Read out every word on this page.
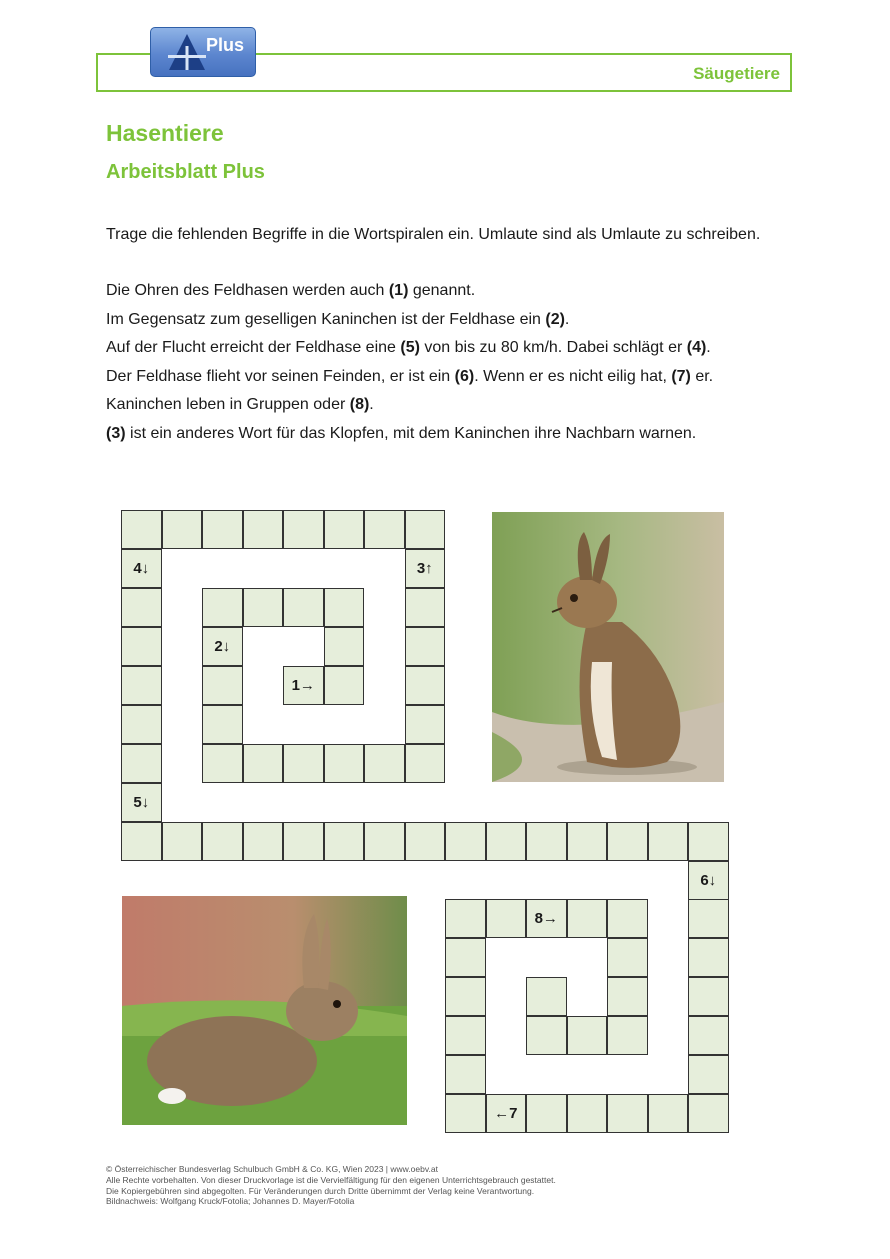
Säugetiere
Plus
Hasentiere
Arbeitsblatt Plus

Trage die fehlenden Begriffe in die Wortspiralen ein. Umlaute sind als Umlaute zu schreiben.

Die Ohren des Feldhasen werden auch (1) genannt.
Im Gegensatz zum geselligen Kaninchen ist der Feldhase ein (2).
Auf der Flucht erreicht der Feldhase eine (5) von bis zu 80 km/h. Dabei schlägt er (4).
Der Feldhase flieht vor seinen Feinden, er ist ein (6). Wenn er es nicht eilig hat, (7) er.
Kaninchen leben in Gruppen oder (8).
(3) ist ein anderes Wort für das Klopfen, mit dem Kaninchen ihre Nachbarn warnen.
4↓
5↓
3↑
2↓
1→
6↓
←7
8→

© Österreichischer Bundesverlag Schulbuch GmbH & Co. KG, Wien 2023 | www.oebv.at

Alle Rechte vorbehalten. Von dieser Druckvorlage ist die Vervielfältigung für den eigenen Unterrichtsgebrauch gestattet.

Die Kopiergebühren sind abgegolten. Für Veränderungen durch Dritte übernimmt der Verlag keine Verantwortung.

Bildnachweis: Wolfgang Kruck/Fotolia; Johannes D. Mayer/Fotolia
